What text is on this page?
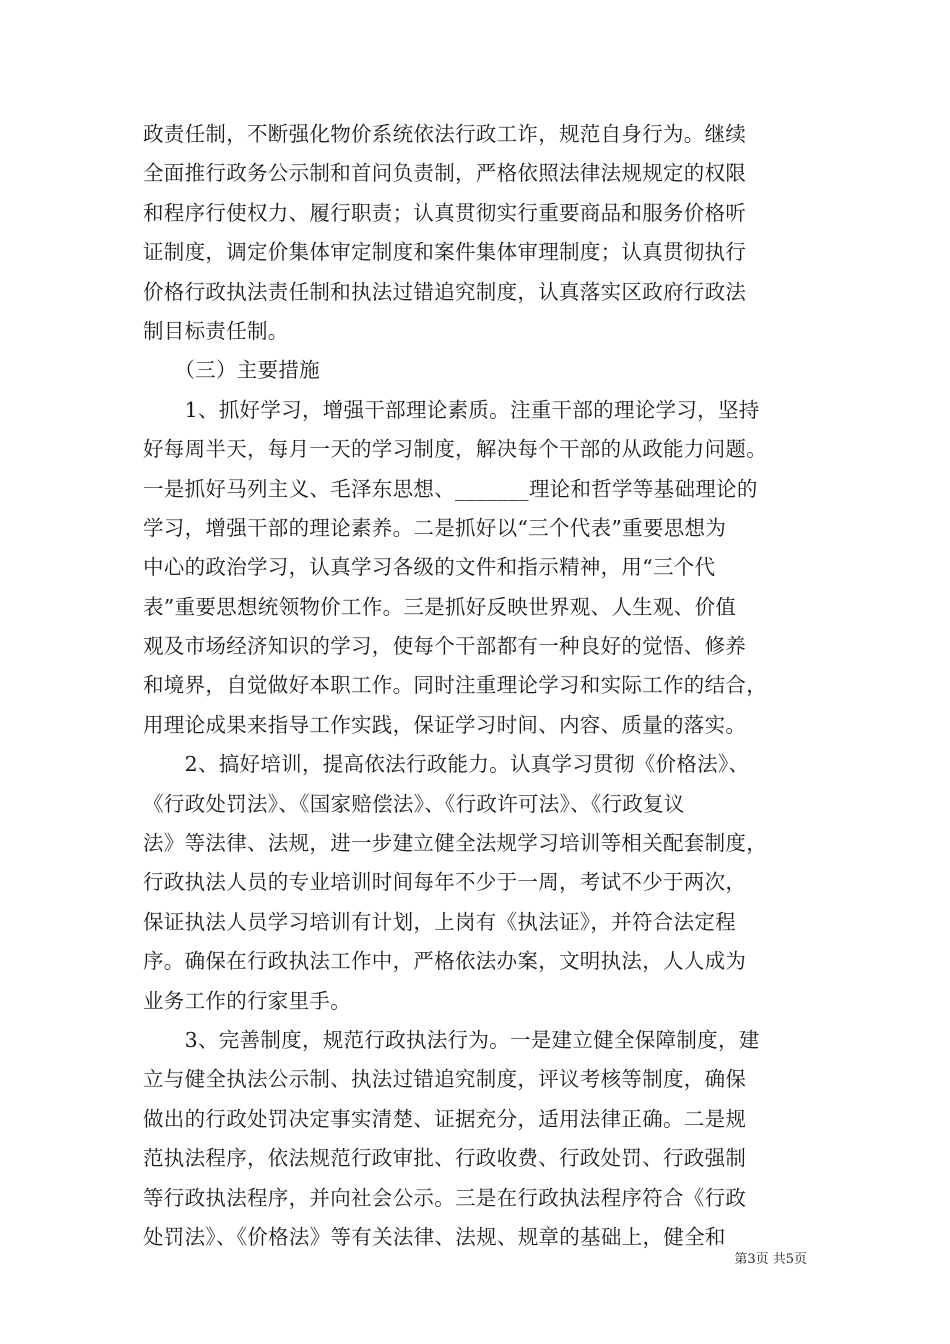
政责任制，不断强化物价系统依法行政工诈，规范自身行为。继续
全面推行政务公示制和首问负责制，严格依照法律法规规定的权限
和程序行使权力、履行职责；认真贯彻实行重要商品和服务价格听
证制度，调定价集体审定制度和案件集体审理制度；认真贯彻执行
价格行政执法责任制和执法过错追究制度，认真落实区政府行政法
制目标责任制。
　　（三）主要措施
　　1、抓好学习，增强干部理论素质。注重干部的理论学习，坚持
好每周半天，每月一天的学习制度，解决每个干部的从政能力问题。
一是抓好马列主义、毛泽东思想、_______理论和哲学等基础理论的
学习，增强干部的理论素养。二是抓好以“三个代表”重要思想为
中心的政治学习，认真学习各级的文件和指示精神，用“三个代
表”重要思想统领物价工作。三是抓好反映世界观、人生观、价值
观及市场经济知识的学习，使每个干部都有一种良好的觉悟、修养
和境界，自觉做好本职工作。同时注重理论学习和实际工作的结合，
用理论成果来指导工作实践，保证学习时间、内容、质量的落实。
　　2、搞好培训，提高依法行政能力。认真学习贯彻《价格法》、
《行政处罚法》、《国家赔偿法》、《行政许可法》、《行政复议
法》等法律、法规，进一步建立健全法规学习培训等相关配套制度，
行政执法人员的专业培训时间每年不少于一周，考试不少于两次，
保证执法人员学习培训有计划，上岗有《执法证》，并符合法定程
序。确保在行政执法工作中，严格依法办案，文明执法，人人成为
业务工作的行家里手。
　　3、完善制度，规范行政执法行为。一是建立健全保障制度，建
立与健全执法公示制、执法过错追究制度，评议考核等制度，确保
做出的行政处罚决定事实清楚、证据充分，适用法律正确。二是规
范执法程序，依法规范行政审批、行政收费、行政处罚、行政强制
等行政执法程序，并向社会公示。三是在行政执法程序符合《行政
处罚法》、《价格法》等有关法律、法规、规章的基础上，健全和
第3页 共5页
